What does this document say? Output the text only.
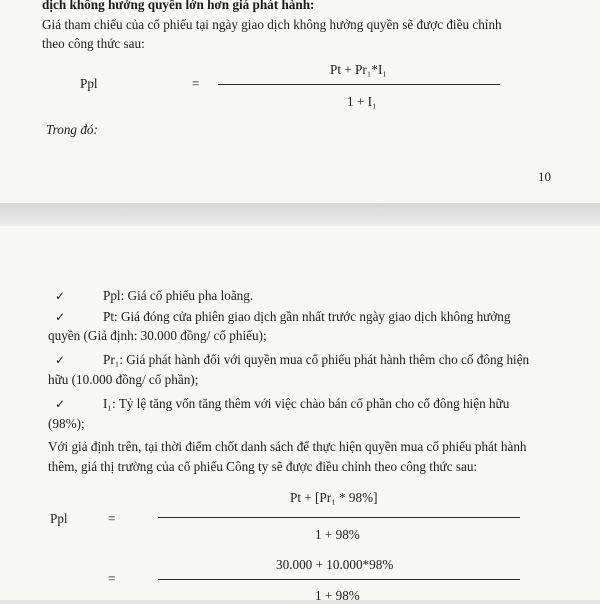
dịch không hưởng quyền lớn hơn giá phát hành:
Giá tham chiếu của cổ phiếu tại ngày giao dịch không hưởng quyền sẽ được điều chỉnh
theo công thức sau:
Ppl	=
Pt + Pr₁*I₁
1 + I₁
Trong đó:
10
✓	Ppl: Giá cổ phiếu pha loãng.
✓	Pt: Giá đóng cửa phiên giao dịch gần nhất trước ngày giao dịch không hưởng
quyền (Giả định: 30.000 đồng/ cổ phiếu);
✓	Pr₁: Giá phát hành đối với quyền mua cổ phiếu phát hành thêm cho cổ đông hiện
hữu (10.000 đồng/ cổ phần);
✓	I₁: Tỷ lệ tăng vốn tăng thêm với việc chào bán cổ phần cho cổ đông hiện hữu
(98%);
Với giả định trên, tại thời điểm chốt danh sách để thực hiện quyền mua cổ phiếu phát hành
thêm, giá thị trường của cổ phiếu Công ty sẽ được điều chỉnh theo công thức sau:
Ppl	=
Pt + [Pr₁ * 98%]
1 + 98%
=
30.000 + 10.000*98%
1 + 98%
